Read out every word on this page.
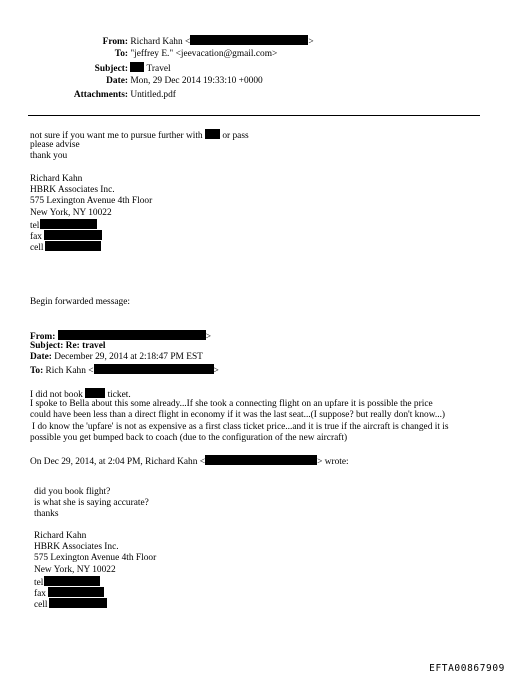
From: Richard Kahn <	>
To: "jeffrey E." <jeevacation@gmail.com>
Subject: Travel
Date: Mon, 29 Dec 2014 19:33:10 +0000
Attachments: Untitled.pdf
not sure if you want me to pursue further with or pass
please advise
thank you
Richard Kahn
HBRK Associates Inc.
575 Lexington Avenue 4th Floor
New York, NY 10022
tel
fax
cell
Begin forwarded message:
From:	>
Subject: Re: travel
Date: December 29, 2014 at 2:18:47 PM EST
To: Rich Kahn <	>
I did not book	ticket.
I spoke to Bella about this some already...If she took a connecting flight on an upfare it is possible the price
could have been less than a direct flight in economy if it was the last seat...(I suppose? but really don't know...)
I do know the 'upfare' is not as expensive as a first class ticket price...and it is true if the aircraft is changed it is
possible you get bumped back to coach (due to the configuration of the new aircraft)
On Dec 29, 2014, at 2:04 PM, Richard Kahn <	> wrote:
did you book flight?
is what she is saying accurate?
thanks
Richard Kahn
HBRK Associates Inc.
575 Lexington Avenue 4th Floor
New York, NY 10022
tel
fax
cell
EFTA00867909
